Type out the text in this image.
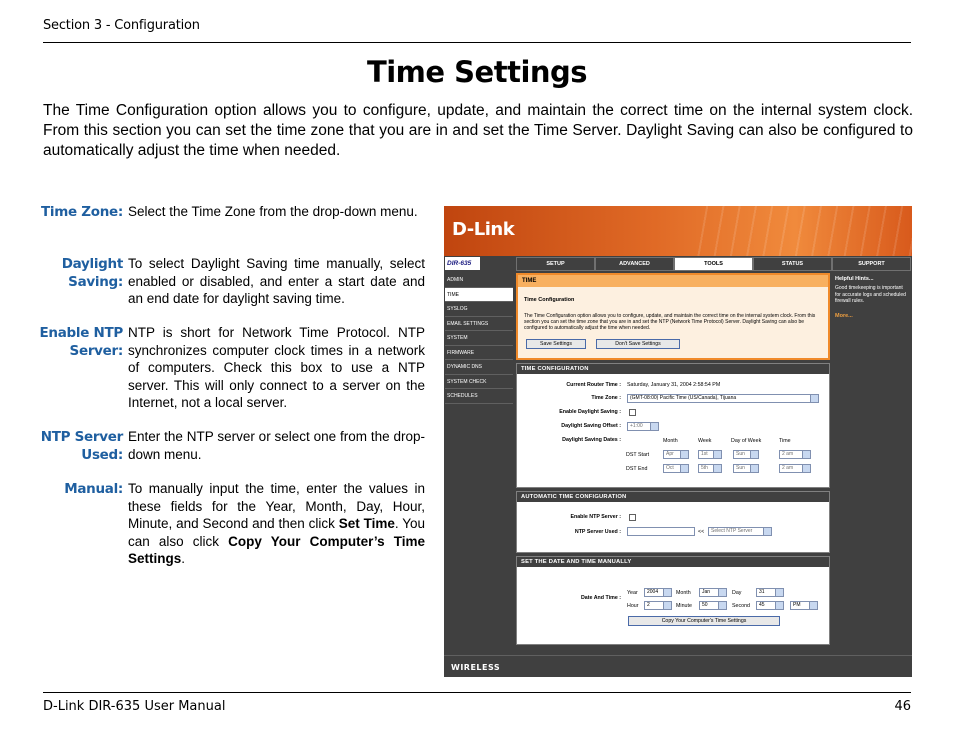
Section 3 - Configuration
Time Settings

The Time Configuration option allows you to configure, update, and maintain the correct time on the internal system clock. From this section you can set the time zone that you are in and set the Time Server. Daylight Saving can also be configured to automatically adjust the time when needed.

Time Zone: Select the Time Zone from the drop-down menu.
Daylight Saving:
To select Daylight Saving time manually, select enabled or disabled, and enter a start date and an end date for daylight saving time.
Enable NTP Server:
NTP is short for Network Time Protocol. NTP synchronizes computer clock times in a network of computers. Check this box to use a NTP server. This will only connect to a server on the Internet, not a local server.
NTP Server Used:
Enter the NTP server or select one from the drop-down menu.
Manual: To manually input the time, enter the values in these fields for the Year, Month, Day, Hour, Minute, and Second and then click Set Time. You can also click Copy Your Computer’s Time Settings.
D-Link
DIR-635	SETUP	ADVANCED	TOOLS	STATUS	SUPPORT
ADMIN
TIME
SYSLOG
EMAIL SETTINGS
SYSTEM
FIRMWARE
DYNAMIC DNS
SYSTEM CHECK
SCHEDULES
TIME
Time Configuration
The Time Configuration option allows you to configure, update, and maintain the correct time on the internal system clock. From this section you can set the time zone that you are in and set the NTP (Network Time Protocol) Server. Daylight Saving can also be configured to automatically adjust the time when needed.
Save Settings	Don't Save Settings
TIME CONFIGURATION
Current Router Time : Saturday, January 31, 2004 2:58:54 PM
Time Zone :	(GMT-08:00) Pacific Time (US/Canada), Tijuana
Enable Daylight Saving :
Daylight Saving Offset :	+1:00
Daylight Saving Dates :	Month	Week	Day of Week	Time
DST Start	Apr	1st	Sun	2 am
DST End	Oct	5th	Sun	2 am
AUTOMATIC TIME CONFIGURATION
Enable NTP Server :
NTP Server Used :	<<	Select NTP Server
SET THE DATE AND TIME MANUALLY
Date And Time :
Year	2004	Month	Jan	Day	31
Hour	2	Minute	50	Second	45	PM
Copy Your Computer's Time Settings
Helpful Hints...
Good timekeeping is important for accurate logs and scheduled firewall rules.
More...
WIRELESS
D-Link DIR-635 User Manual	46
